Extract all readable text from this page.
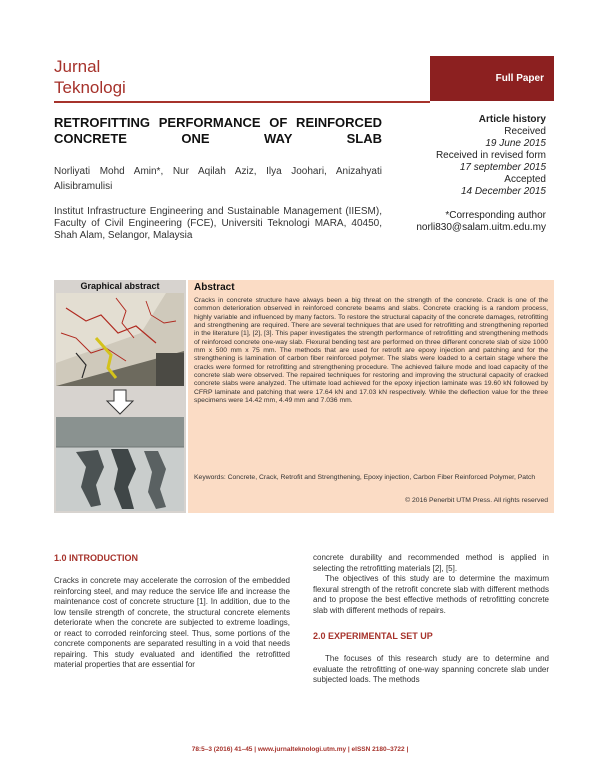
Jurnal
Teknologi	Full Paper
RETROFITTING PERFORMANCE OF REINFORCED CONCRETE ONE WAY SLAB
Norliyati Mohd Amin*, Nur Aqilah Aziz, Ilya Joohari, Anizahyati Alisibramulisi
Institut Infrastructure Engineering and Sustainable Management (IIESM), Faculty of Civil Engineering (FCE), Universiti Teknologi MARA, 40450, Shah Alam, Selangor, Malaysia
Article history
Received
19 June 2015
Received in revised form
17 september 2015
Accepted
14 December 2015
*Corresponding author
norli830@salam.uitm.edu.my
Graphical abstract	Abstract
Cracks in concrete structure have always been a big threat on the strength of the concrete. Crack is one of the common deterioration observed in reinforced concrete beams and slabs. Concrete cracking is a random process, highly variable and influenced by many factors. To restore the structural capacity of the concrete damages, retrofitting and strengthening are required. There are several techniques that are used for retrofitting and strengthening reported in the literature [1], [2], [3]. This paper investigates the strength performance of retrofitting and strengthening methods of reinforced concrete one-way slab. Flexural bending test are performed on three different concrete slab of size 1000 mm x 500 mm x 75 mm. The methods that are used for retrofit are epoxy injection and patching and for the strengthening is lamination of carbon fiber reinforced polymer. The slabs were loaded to a certain stage where the cracks were formed for retrofitting and strengthening procedure. The achieved failure mode and load capacity of the concrete slab were observed. The repaired techniques for restoring and improving the structural capacity of cracked concrete slabs were analyzed. The ultimate load achieved for the epoxy injection laminate was 19.60 kN followed by CFRP laminate and patching that were 17.64 kN and 17.03 kN respectively. While the deflection value for the three specimens were 14.42 mm, 4.49 mm and 7.036 mm.
Keywords: Concrete, Crack, Retrofit and Strengthening, Epoxy injection, Carbon Fiber Reinforced Polymer, Patch
© 2016 Penerbit UTM Press. All rights reserved
1.0 INTRODUCTION
Cracks in concrete may accelerate the corrosion of the embedded reinforcing steel, and may reduce the service life and increase the maintenance cost of concrete structure [1]. In addition, due to the low tensile strength of concrete, the structural concrete elements deteriorate when the concrete are subjected to extreme loadings, or react to corroded reinforcing steel. Thus, some portions of the concrete components are separated resulting in a void that needs repairing. This study evaluated and identified the retrofitted material properties that are essential for
concrete durability and recommended method is applied in selecting the retrofitting materials [2], [5].
The objectives of this study are to determine the maximum flexural strength of the retrofit concrete slab with different methods and to propose the best effective methods of retrofitting concrete slab with different methods of repairs.
2.0 EXPERIMENTAL SET UP
The focuses of this research study are to determine and evaluate the retrofitting of one-way spanning concrete slab under subjected loads. The methods
78:5–3 (2016) 41–45 | www.jurnalteknologi.utm.my | eISSN 2180–3722 |
